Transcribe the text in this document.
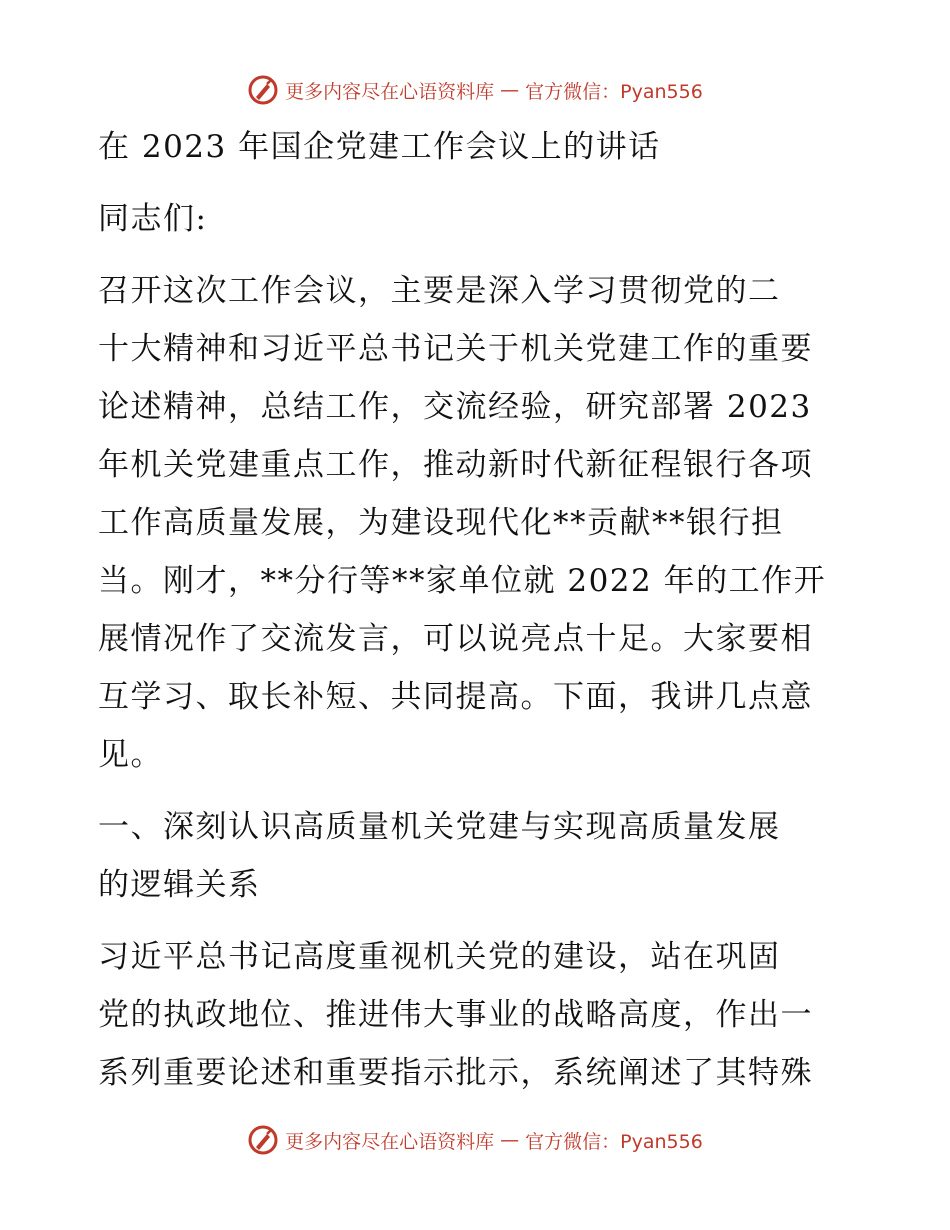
更多内容尽在心语资料库 — 官方微信：Pyan556
在 2023 年国企党建工作会议上的讲话
同志们:
召开这次工作会议，主要是深入学习贯彻党的二
十大精神和习近平总书记关于机关党建工作的重要
论述精神，总结工作，交流经验，研究部署 2023
年机关党建重点工作，推动新时代新征程银行各项
工作高质量发展，为建设现代化**贡献**银行担
当。刚才，**分行等**家单位就 2022 年的工作开
展情况作了交流发言，可以说亮点十足。大家要相
互学习、取长补短、共同提高。下面，我讲几点意
见。
一、深刻认识高质量机关党建与实现高质量发展
的逻辑关系
习近平总书记高度重视机关党的建设，站在巩固
党的执政地位、推进伟大事业的战略高度，作出一
系列重要论述和重要指示批示，系统阐述了其特殊
更多内容尽在心语资料库 — 官方微信：Pyan556
